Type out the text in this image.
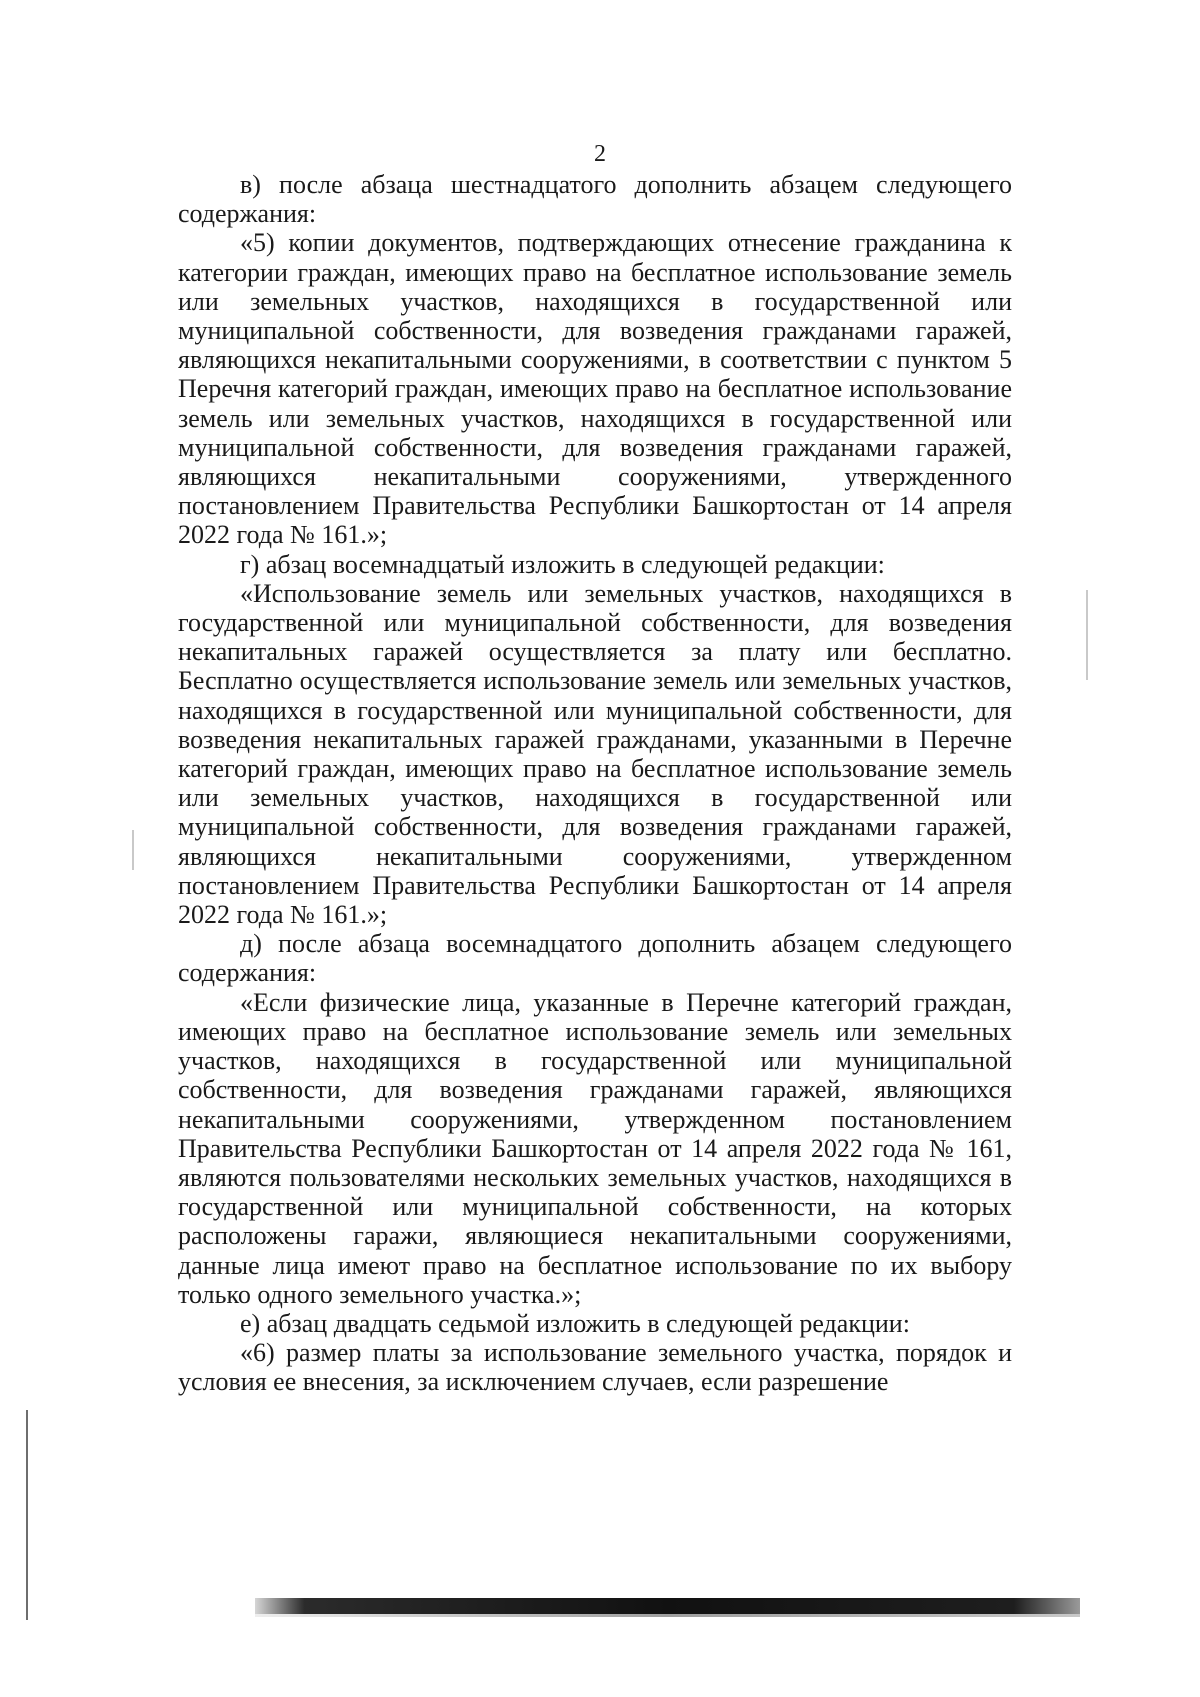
2

в) после абзаца шестнадцатого дополнить абзацем следующего содержания:

«5) копии документов, подтверждающих отнесение гражданина к категории граждан, имеющих право на бесплатное использование земель или земельных участков, находящихся в государственной или муниципальной собственности, для возведения гражданами гаражей, являющихся некапитальными сооружениями, в соответствии с пунктом 5 Перечня категорий граждан, имеющих право на бесплатное использование земель или земельных участков, находящихся в государственной или муниципальной собственности, для возведения гражданами гаражей, являющихся некапитальными сооружениями, утвержденного постановлением Правительства Республики Башкортостан от 14 апреля 2022 года № 161.»;

г) абзац восемнадцатый изложить в следующей редакции:

«Использование земель или земельных участков, находящихся в государственной или муниципальной собственности, для возведения некапитальных гаражей осуществляется за плату или бесплатно. Бесплатно осуществляется использование земель или земельных участков, находящихся в государственной или муниципальной собственности, для возведения некапитальных гаражей гражданами, указанными в Перечне категорий граждан, имеющих право на бесплатное использование земель или земельных участков, находящихся в государственной или муниципальной собственности, для возведения гражданами гаражей, являющихся некапитальными сооружениями, утвержденном постановлением Правительства Республики Башкортостан от 14 апреля 2022 года № 161.»;

д) после абзаца восемнадцатого дополнить абзацем следующего содержания:

«Если физические лица, указанные в Перечне категорий граждан, имеющих право на бесплатное использование земель или земельных участков, находящихся в государственной или муниципальной собственности, для возведения гражданами гаражей, являющихся некапитальными сооружениями, утвержденном постановлением Правительства Республики Башкортостан от 14 апреля 2022 года № 161, являются пользователями нескольких земельных участков, находящихся в государственной или муниципальной собственности, на которых расположены гаражи, являющиеся некапитальными сооружениями, данные лица имеют право на бесплатное использование по их выбору только одного земельного участка.»;

е) абзац двадцать седьмой изложить в следующей редакции:

«6) размер платы за использование земельного участка, порядок и условия ее внесения, за исключением случаев, если разрешение
